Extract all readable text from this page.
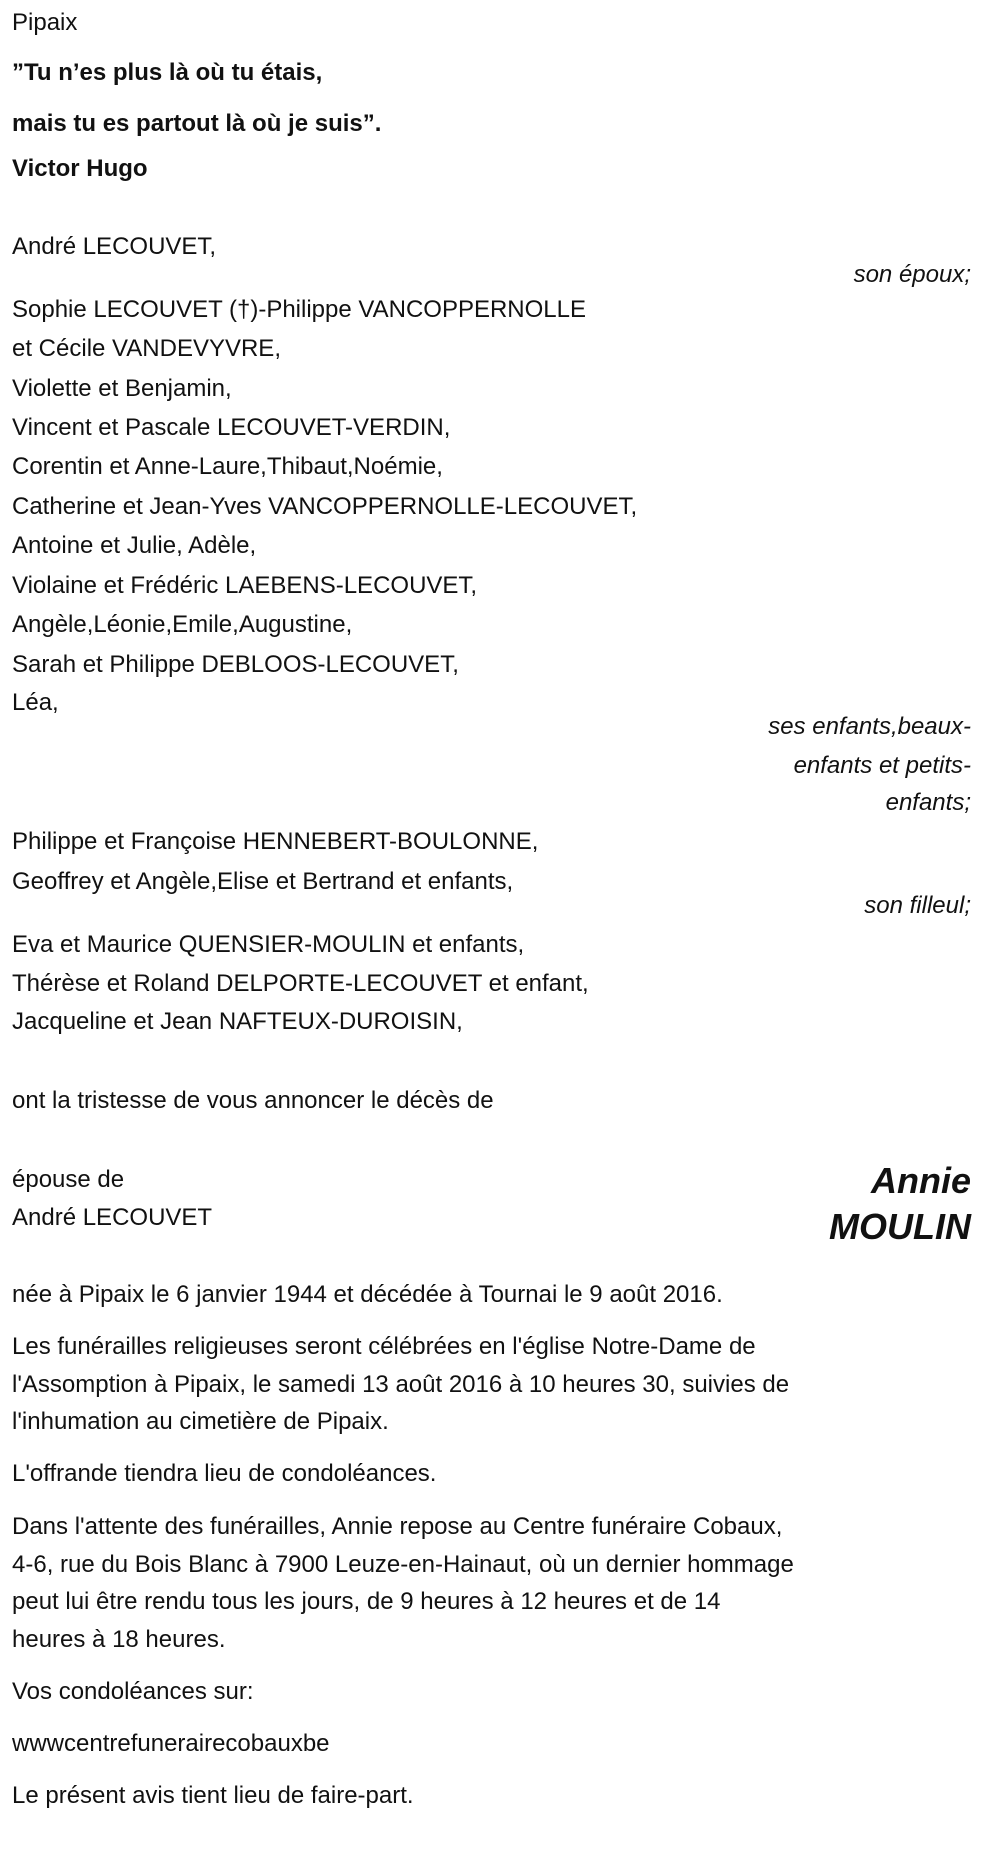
Pipaix
”Tu n’es plus là où tu étais,
mais tu es partout là où je suis”.
Victor Hugo
André LECOUVET,
son époux;
Sophie LECOUVET (†)-Philippe VANCOPPERNOLLE
et Cécile VANDEVYVRE,
Violette et Benjamin,
Vincent et Pascale LECOUVET-VERDIN,
Corentin et Anne-Laure,Thibaut,Noémie,
Catherine et Jean-Yves VANCOPPERNOLLE-LECOUVET,
Antoine et Julie, Adèle,
Violaine et Frédéric LAEBENS-LECOUVET,
Angèle,Léonie,Emile,Augustine,
Sarah et Philippe DEBLOOS-LECOUVET,
Léa,
ses enfants,beaux-
enfants et petits-
enfants;
Philippe et Françoise HENNEBERT-BOULONNE,
Geoffrey et Angèle,Elise et Bertrand et enfants,
son filleul;
Eva et Maurice QUENSIER-MOULIN et enfants,
Thérèse et Roland DELPORTE-LECOUVET et enfant,
Jacqueline et Jean NAFTEUX-DUROISIN,
ont la tristesse de vous annoncer le décès de
épouse de
André LECOUVET
Annie
MOULIN
née à Pipaix le 6 janvier 1944 et décédée à Tournai le 9 août 2016.
Les funérailles religieuses seront célébrées en l'église Notre-Dame de
l'Assomption à Pipaix, le samedi 13 août 2016 à 10 heures 30, suivies de
l'inhumation au cimetière de Pipaix.
L'offrande tiendra lieu de condoléances.
Dans l'attente des funérailles, Annie repose au Centre funéraire Cobaux,
4-6, rue du Bois Blanc à 7900 Leuze-en-Hainaut, où un dernier hommage
peut lui être rendu tous les jours, de 9 heures à 12 heures et de 14
heures à 18 heures.
Vos condoléances sur:
wwwcentrefunerairecobauxbe
Le présent avis tient lieu de faire-part.
